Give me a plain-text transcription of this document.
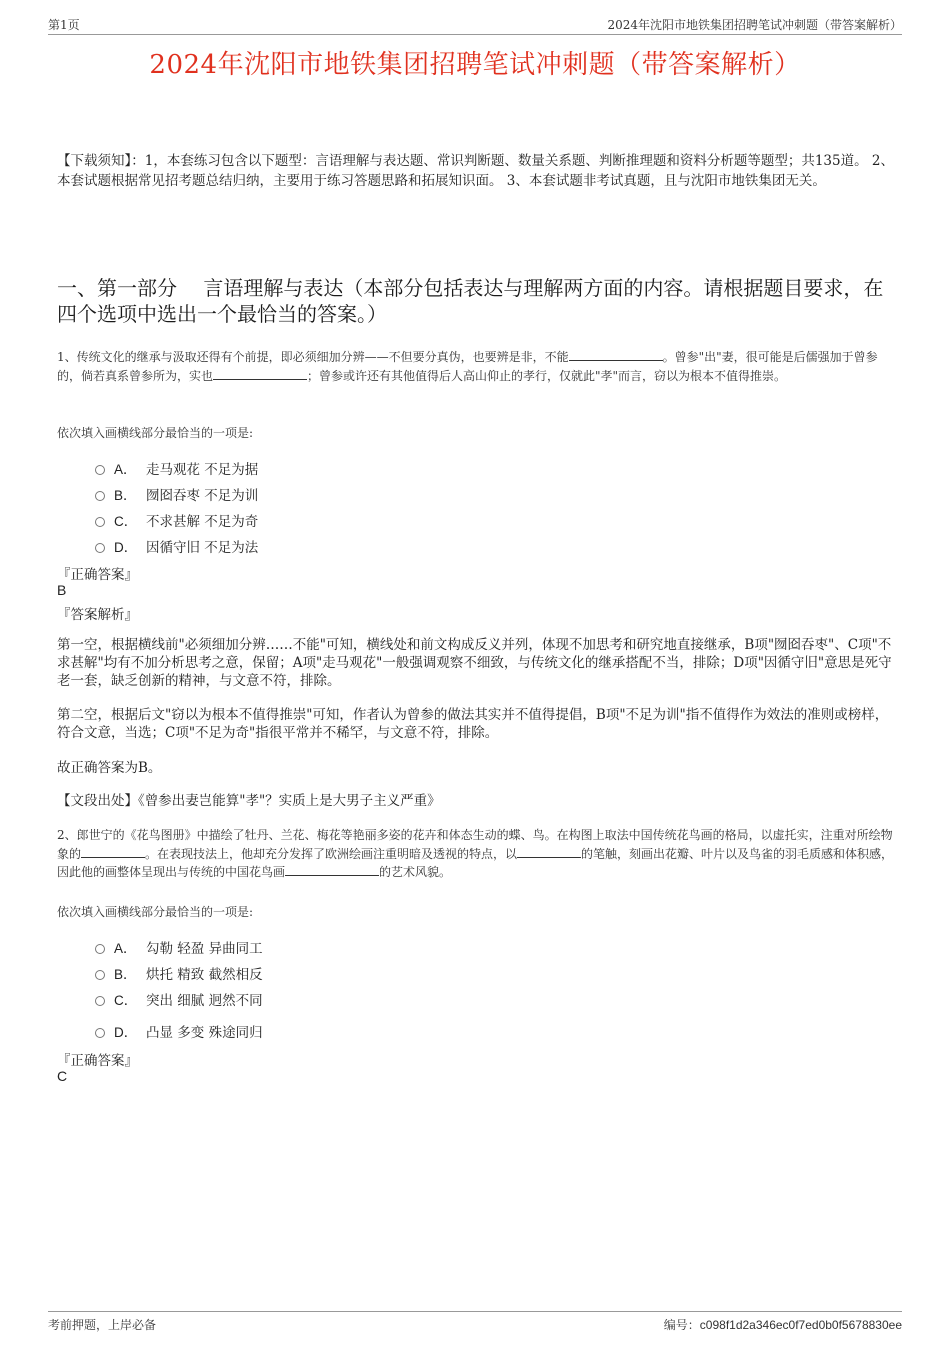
第1页	2024年沈阳市地铁集团招聘笔试冲刺题（带答案解析）
2024年沈阳市地铁集团招聘笔试冲刺题（带答案解析）
【下载须知】：1，本套练习包含以下题型：言语理解与表达题、常识判断题、数量关系题、判断推理题和资料分析题等题型；共135道。 2、本套试题根据常见招考题总结归纳，主要用于练习答题思路和拓展知识面。 3、本套试题非考试真题，且与沈阳市地铁集团无关。
一、第一部分　 言语理解与表达（本部分包括表达与理解两方面的内容。请根据题目要求，在四个选项中选出一个最恰当的答案。）
1、传统文化的继承与汲取还得有个前提，即必须细加分辨——不但要分真伪，也要辨是非，不能	。曾参"出"妻，很可能是后儒强加于曾参的，倘若真系曾参所为，实也	；曾参或许还有其他值得后人高山仰止的孝行，仅就此"孝"而言，窃以为根本不值得推崇。
依次填入画横线部分最恰当的一项是:
A． 走马观花 不足为据
B． 囫囵吞枣 不足为训
C． 不求甚解 不足为奇
D． 因循守旧 不足为法
『正确答案』
B
『答案解析』
第一空，根据横线前"必须细加分辨……不能"可知，横线处和前文构成反义并列，体现不加思考和研究地直接继承，B项"囫囵吞枣"、C项"不求甚解"均有不加分析思考之意，保留；A项"走马观花"一般强调观察不细致，与传统文化的继承搭配不当，排除；D项"因循守旧"意思是死守老一套，缺乏创新的精神，与文意不符，排除。
第二空，根据后文"窃以为根本不值得推崇"可知，作者认为曾参的做法其实并不值得提倡，B项"不足为训"指不值得作为效法的准则或榜样，符合文意，当选；C项"不足为奇"指很平常并不稀罕，与文意不符，排除。
故正确答案为B。
【文段出处】《曾参出妻岂能算"孝"？实质上是大男子主义严重》
2、郎世宁的《花鸟图册》中描绘了牡丹、兰花、梅花等艳丽多姿的花卉和体态生动的蝶、鸟。在构图上取法中国传统花鸟画的格局，以虚托实，注重对所绘物象的	。在表现技法上，他却充分发挥了欧洲绘画注重明暗及透视的特点，以	的笔触，刻画出花瓣、叶片以及鸟雀的羽毛质感和体积感，因此他的画整体呈现出与传统的中国花鸟画	的艺术风貌。
依次填入画横线部分最恰当的一项是:
A． 勾勒 轻盈 异曲同工
B． 烘托 精致 截然相反
C． 突出 细腻 迥然不同
D． 凸显 多变 殊途同归
『正确答案』
C
考前押题，上岸必备	编号：c098f1d2a346ec0f7ed0b0f5678830ee
